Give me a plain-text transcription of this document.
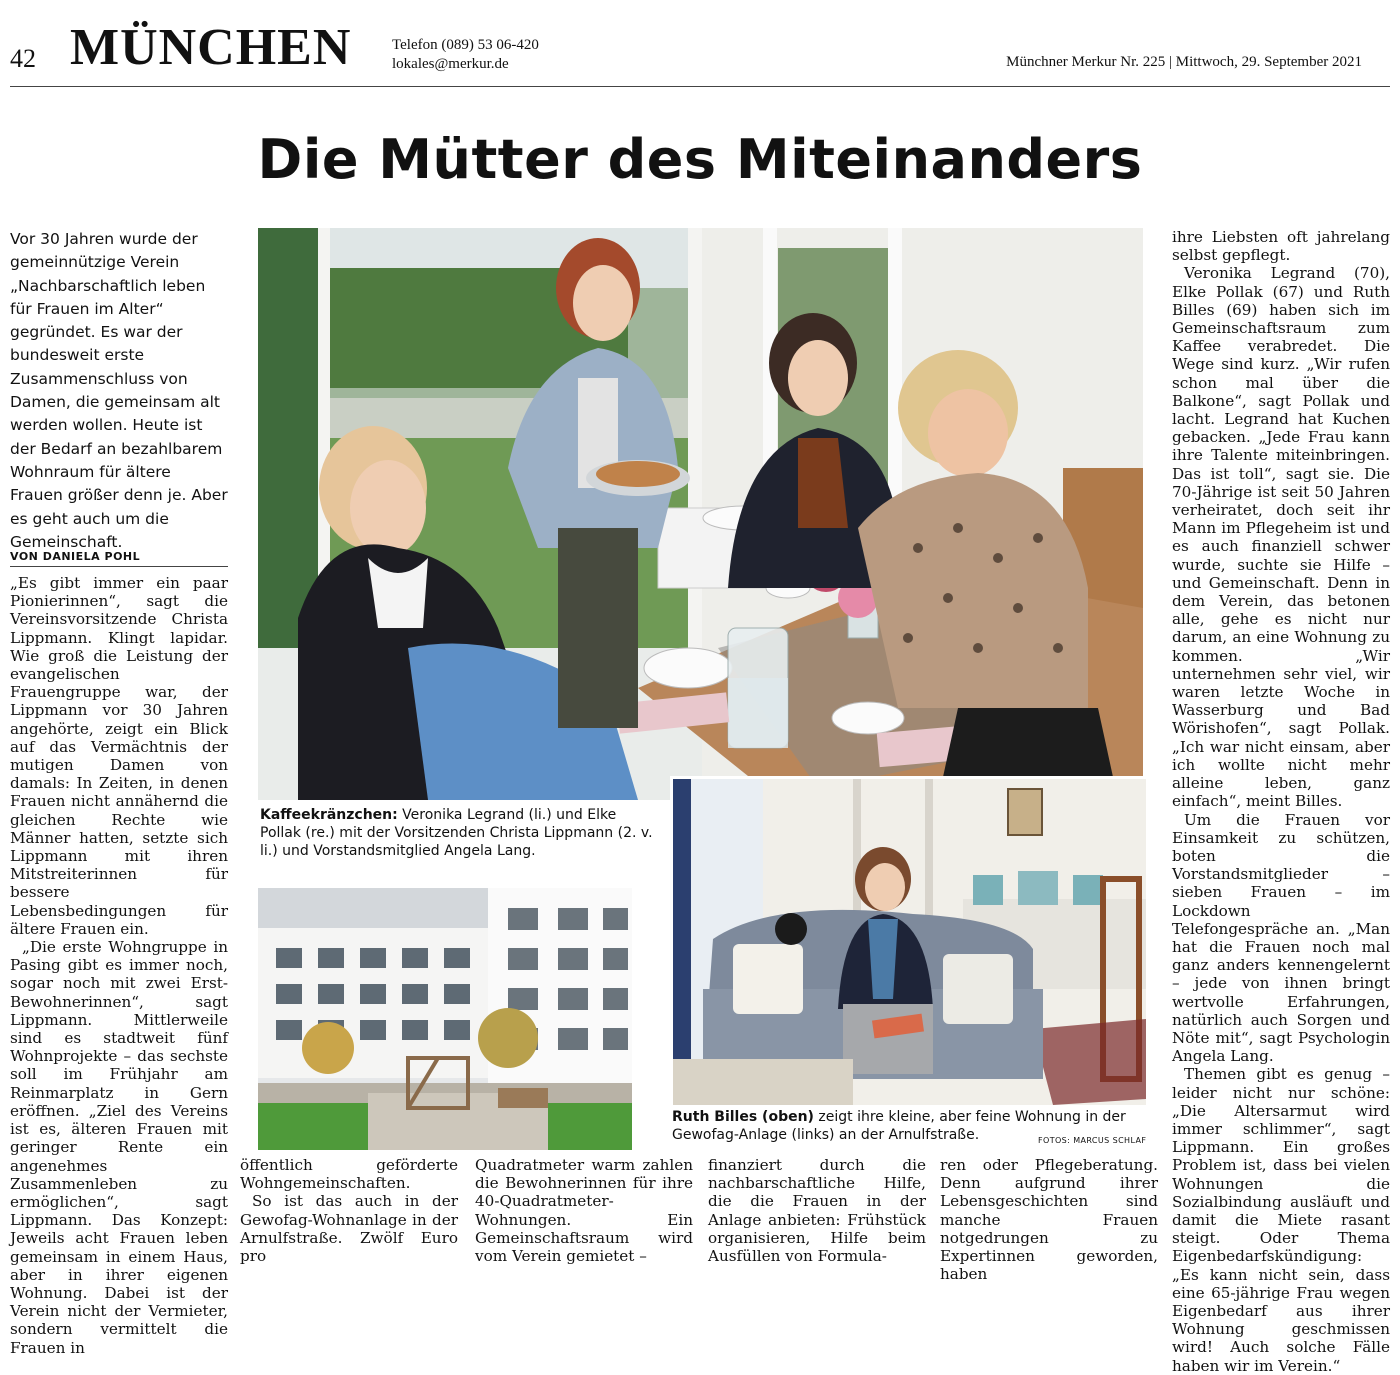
42 MÜNCHEN	Telefon (089) 53 06-420
lokales@merkur.de	Münchner Merkur Nr. 225 | Mittwoch, 29. September 2021
Die Mütter des Miteinanders
Vor 30 Jahren wurde der gemeinnützige Verein „Nachbarschaftlich leben für Frauen im Alter“ gegründet. Es war der bundesweit erste Zusammenschluss von Damen, die gemeinsam alt werden wollen. Heute ist der Bedarf an bezahlbarem Wohnraum für ältere Frauen größer denn je. Aber es geht auch um die Gemeinschaft.
VON DANIELA POHL

„Es gibt immer ein paar Pionierinnen“, sagt die Vereinsvorsitzende Christa Lippmann. Klingt lapidar. Wie groß die Leistung der evangelischen Frauengruppe war, der Lippmann vor 30 Jahren angehörte, zeigt ein Blick auf das Vermächtnis der mutigen Damen von damals: In Zeiten, in denen Frauen nicht annähernd die gleichen Rechte wie Männer hatten, setzte sich Lippmann mit ihren Mitstreiterinnen für bessere Lebensbedingungen für ältere Frauen ein.

„Die erste Wohngruppe in Pasing gibt es immer noch, sogar noch mit zwei Erst-Bewohnerinnen“, sagt Lippmann. Mittlerweile sind es stadtweit fünf Wohnprojekte – das sechste soll im Frühjahr am Reinmarplatz in Gern eröffnen. „Ziel des Vereins ist es, älteren Frauen mit geringer Rente ein angenehmes Zusammenleben zu ermöglichen“, sagt Lippmann. Das Konzept: Jeweils acht Frauen leben gemeinsam in einem Haus, aber in ihrer eigenen Wohnung. Dabei ist der Verein nicht der Vermieter, sondern vermittelt die Frauen in

öffentlich geförderte Wohngemeinschaften.

So ist das auch in der Gewofag-Wohnanlage in der Arnulfstraße. Zwölf Euro pro

Quadratmeter warm zahlen die Bewohnerinnen für ihre 40-Quadratmeter-Wohnungen. Ein Gemeinschaftsraum wird vom Verein gemietet –

finanziert durch die nachbarschaftliche Hilfe, die die Frauen in der Anlage anbieten: Frühstück organisieren, Hilfe beim Ausfüllen von Formula-

ren oder Pflegeberatung. Denn aufgrund ihrer Lebensgeschichten sind manche Frauen notgedrungen zu Expertinnen geworden, haben

ihre Liebsten oft jahrelang selbst gepflegt.

Veronika Legrand (70), Elke Pollak (67) und Ruth Billes (69) haben sich im Gemeinschaftsraum zum Kaffee verabredet. Die Wege sind kurz. „Wir rufen schon mal über die Balkone“, sagt Pollak und lacht. Legrand hat Kuchen gebacken. „Jede Frau kann ihre Talente miteinbringen. Das ist toll“, sagt sie. Die 70-Jährige ist seit 50 Jahren verheiratet, doch seit ihr Mann im Pflegeheim ist und es auch finanziell schwer wurde, suchte sie Hilfe – und Gemeinschaft. Denn in dem Verein, das betonen alle, gehe es nicht nur darum, an eine Wohnung zu kommen. „Wir unternehmen sehr viel, wir waren letzte Woche in Wasserburg und Bad Wörishofen“, sagt Pollak. „Ich war nicht einsam, aber ich wollte nicht mehr alleine leben, ganz einfach“, meint Billes.

Um die Frauen vor Einsamkeit zu schützen, boten die Vorstandsmitglieder – sieben Frauen – im Lockdown Telefongespräche an. „Man hat die Frauen noch mal ganz anders kennengelernt – jede von ihnen bringt wertvolle Erfahrungen, natürlich auch Sorgen und Nöte mit“, sagt Psychologin Angela Lang.

Themen gibt es genug – leider nicht nur schöne: „Die Altersarmut wird immer schlimmer“, sagt Lippmann. Ein großes Problem ist, dass bei vielen Wohnungen die Sozialbindung ausläuft und damit die Miete rasant steigt. Oder Thema Eigenbedarfskündigung: „Es kann nicht sein, dass eine 65-jährige Frau wegen Eigenbedarf aus ihrer Wohnung geschmissen wird! Auch solche Fälle haben wir im Verein.“

Kaffeekränzchen: Veronika Legrand (li.) und Elke Pollak (re.) mit der Vorsitzenden Christa Lippmann (2. v. li.) und Vorstandsmitglied Angela Lang.
Ruth Billes (oben) zeigt ihre kleine, aber feine Wohnung in der Gewofag-Anlage (links) an der Arnulfstraße.	FOTOS: MARCUS SCHLAF
